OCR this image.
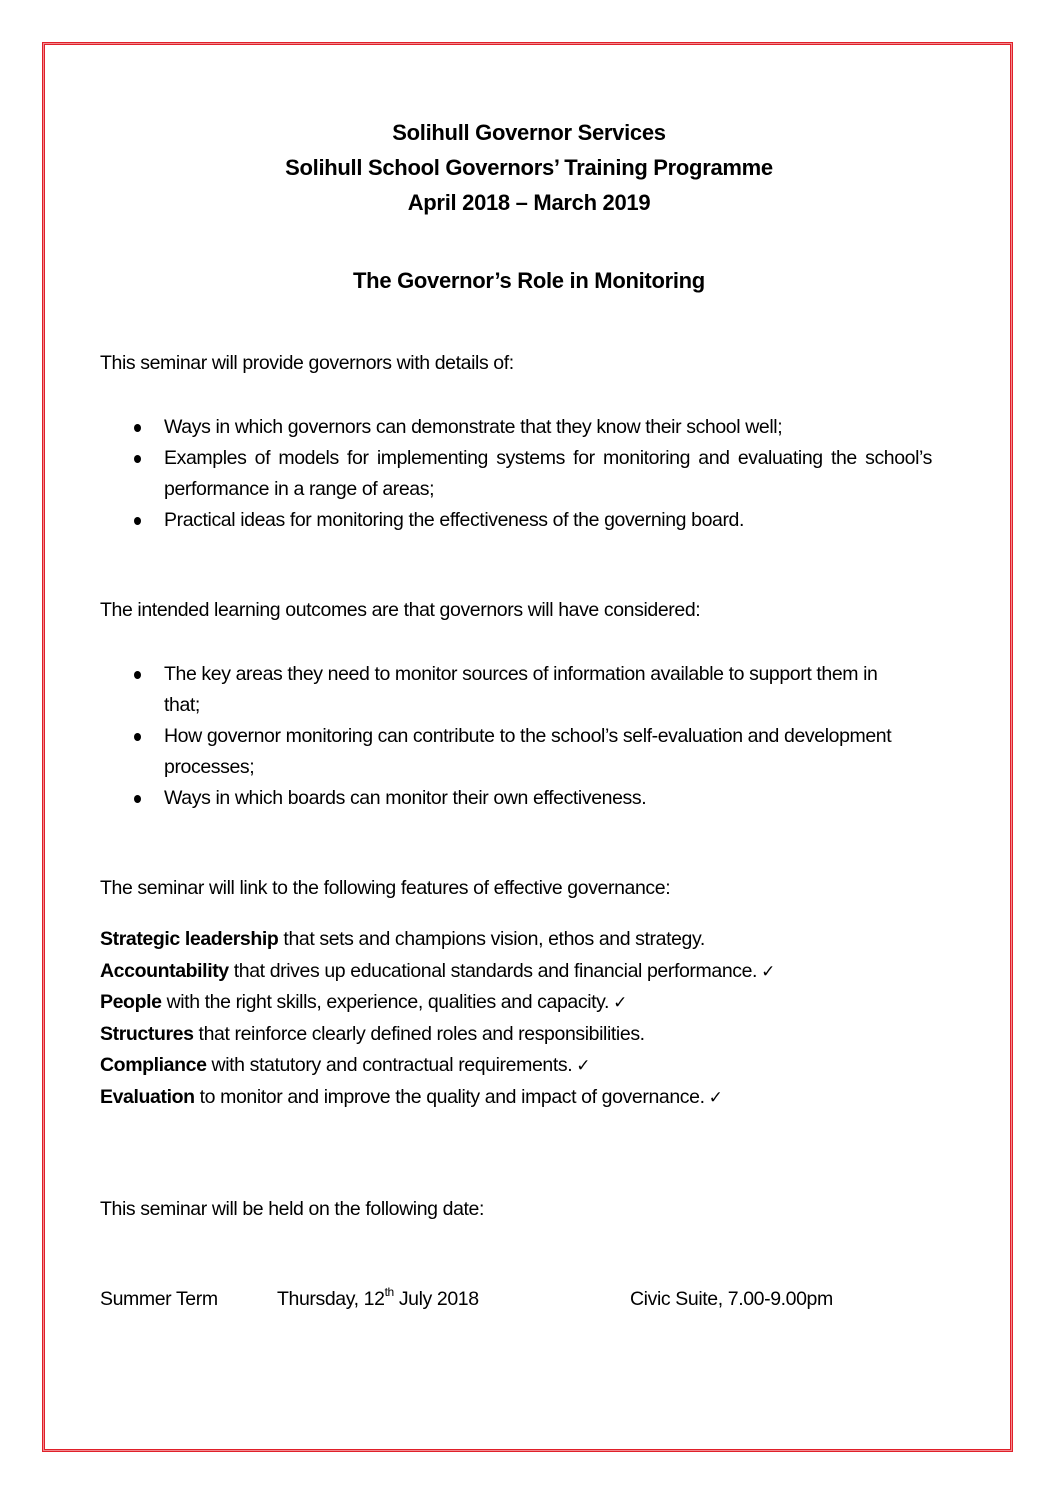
Solihull Governor Services
Solihull School Governors’ Training Programme
April 2018 – March 2019
The Governor’s Role in Monitoring
This seminar will provide governors with details of:
Ways in which governors can demonstrate that they know their school well;
Examples of models for implementing systems for monitoring and evaluating the school’s performance in a range of areas;
Practical ideas for monitoring the effectiveness of the governing board.
The intended learning outcomes are that governors will have considered:
The key areas they need to monitor sources of information available to support them in that;
How governor monitoring can contribute to the school’s self-evaluation and development processes;
Ways in which boards can monitor their own effectiveness.
The seminar will link to the following features of effective governance:
Strategic leadership that sets and champions vision, ethos and strategy.
Accountability that drives up educational standards and financial performance. ✓
People with the right skills, experience, qualities and capacity. ✓
Structures that reinforce clearly defined roles and responsibilities.
Compliance with statutory and contractual requirements. ✓
Evaluation to monitor and improve the quality and impact of governance. ✓
This seminar will be held on the following date:
Summer Term	Thursday, 12th July 2018	Civic Suite, 7.00-9.00pm
